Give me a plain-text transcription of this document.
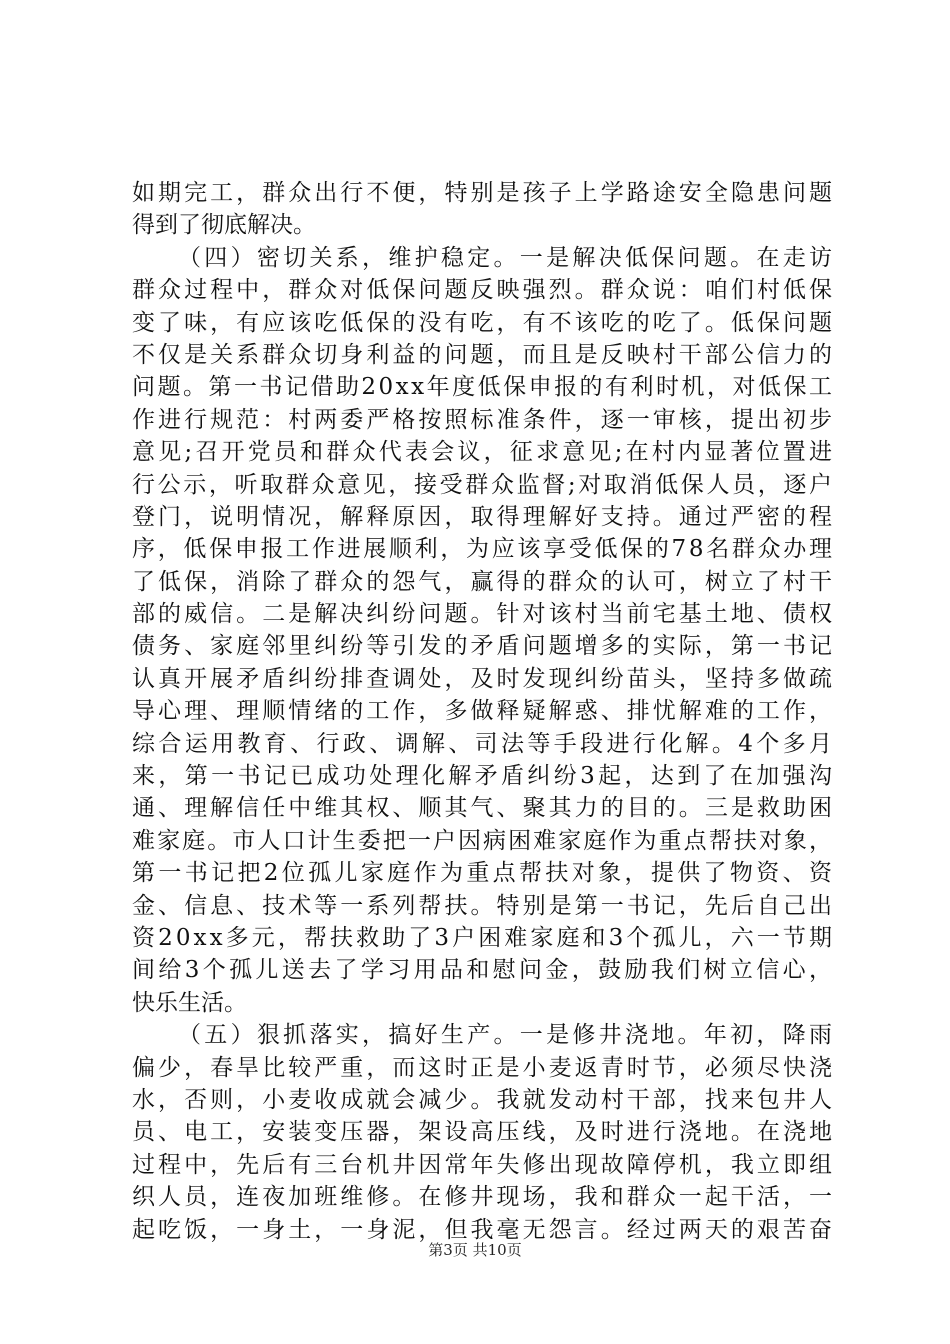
如期完工，群众出行不便，特别是孩子上学路途安全隐患问题
得到了彻底解决。
（四）密切关系，维护稳定。一是解决低保问题。在走访
群众过程中，群众对低保问题反映强烈。群众说：咱们村低保
变了味，有应该吃低保的没有吃，有不该吃的吃了。低保问题
不仅是关系群众切身利益的问题，而且是反映村干部公信力的
问题。第一书记借助20xx年度低保申报的有利时机，对低保工
作进行规范：村两委严格按照标准条件，逐一审核，提出初步
意见;召开党员和群众代表会议，征求意见;在村内显著位置进
行公示，听取群众意见，接受群众监督;对取消低保人员，逐户
登门，说明情况，解释原因，取得理解好支持。通过严密的程
序，低保申报工作进展顺利，为应该享受低保的78名群众办理
了低保，消除了群众的怨气，赢得的群众的认可，树立了村干
部的威信。二是解决纠纷问题。针对该村当前宅基土地、债权
债务、家庭邻里纠纷等引发的矛盾问题增多的实际，第一书记
认真开展矛盾纠纷排查调处，及时发现纠纷苗头，坚持多做疏
导心理、理顺情绪的工作，多做释疑解惑、排忧解难的工作，
综合运用教育、行政、调解、司法等手段进行化解。4个多月
来，第一书记已成功处理化解矛盾纠纷3起，达到了在加强沟
通、理解信任中维其权、顺其气、聚其力的目的。三是救助困
难家庭。市人口计生委把一户因病困难家庭作为重点帮扶对象，
第一书记把2位孤儿家庭作为重点帮扶对象，提供了物资、资
金、信息、技术等一系列帮扶。特别是第一书记，先后自己出
资20xx多元，帮扶救助了3户困难家庭和3个孤儿，六一节期
间给3个孤儿送去了学习用品和慰问金，鼓励我们树立信心，
快乐生活。
（五）狠抓落实，搞好生产。一是修井浇地。年初，降雨
偏少，春旱比较严重，而这时正是小麦返青时节，必须尽快浇
水，否则，小麦收成就会减少。我就发动村干部，找来包井人
员、电工，安装变压器，架设高压线，及时进行浇地。在浇地
过程中，先后有三台机井因常年失修出现故障停机，我立即组
织人员，连夜加班维修。在修井现场，我和群众一起干活，一
起吃饭，一身土，一身泥，但我毫无怨言。经过两天的艰苦奋
第3页 共10页
